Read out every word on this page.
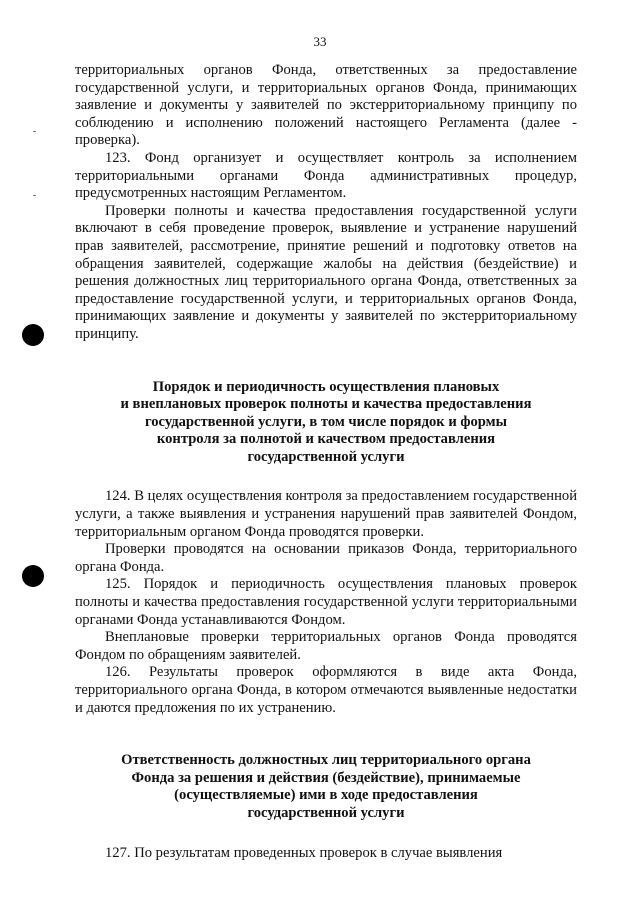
33

территориальных органов Фонда, ответственных за предоставление государственной услуги, и территориальных органов Фонда, принимающих заявление и документы у заявителей по экстерриториальному принципу по соблюдению и исполнению положений настоящего Регламента (далее - проверка).

123. Фонд организует и осуществляет контроль за исполнением территориальными органами Фонда административных процедур, предусмотренных настоящим Регламентом.

Проверки полноты и качества предоставления государственной услуги включают в себя проведение проверок, выявление и устранение нарушений прав заявителей, рассмотрение, принятие решений и подготовку ответов на обращения заявителей, содержащие жалобы на действия (бездействие) и решения должностных лиц территориального органа Фонда, ответственных за предоставление государственной услуги, и территориальных органов Фонда, принимающих заявление и документы у заявителей по экстерриториальному принципу.

Порядок и периодичность осуществления плановых
и внеплановых проверок полноты и качества предоставления
государственной услуги, в том числе порядок и формы
контроля за полнотой и качеством предоставления
государственной услуги

124. В целях осуществления контроля за предоставлением государственной услуги, а также выявления и устранения нарушений прав заявителей Фондом, территориальным органом Фонда проводятся проверки.

Проверки проводятся на основании приказов Фонда, территориального органа Фонда.

125. Порядок и периодичность осуществления плановых проверок полноты и качества предоставления государственной услуги территориальными органами Фонда устанавливаются Фондом.

Внеплановые проверки территориальных органов Фонда проводятся Фондом по обращениям заявителей.

126. Результаты проверок оформляются в виде акта Фонда, территориального органа Фонда, в котором отмечаются выявленные недостатки и даются предложения по их устранению.

Ответственность должностных лиц территориального органа
Фонда за решения и действия (бездействие), принимаемые
(осуществляемые) ими в ходе предоставления
государственной услуги

127. По результатам проведенных проверок в случае выявления
